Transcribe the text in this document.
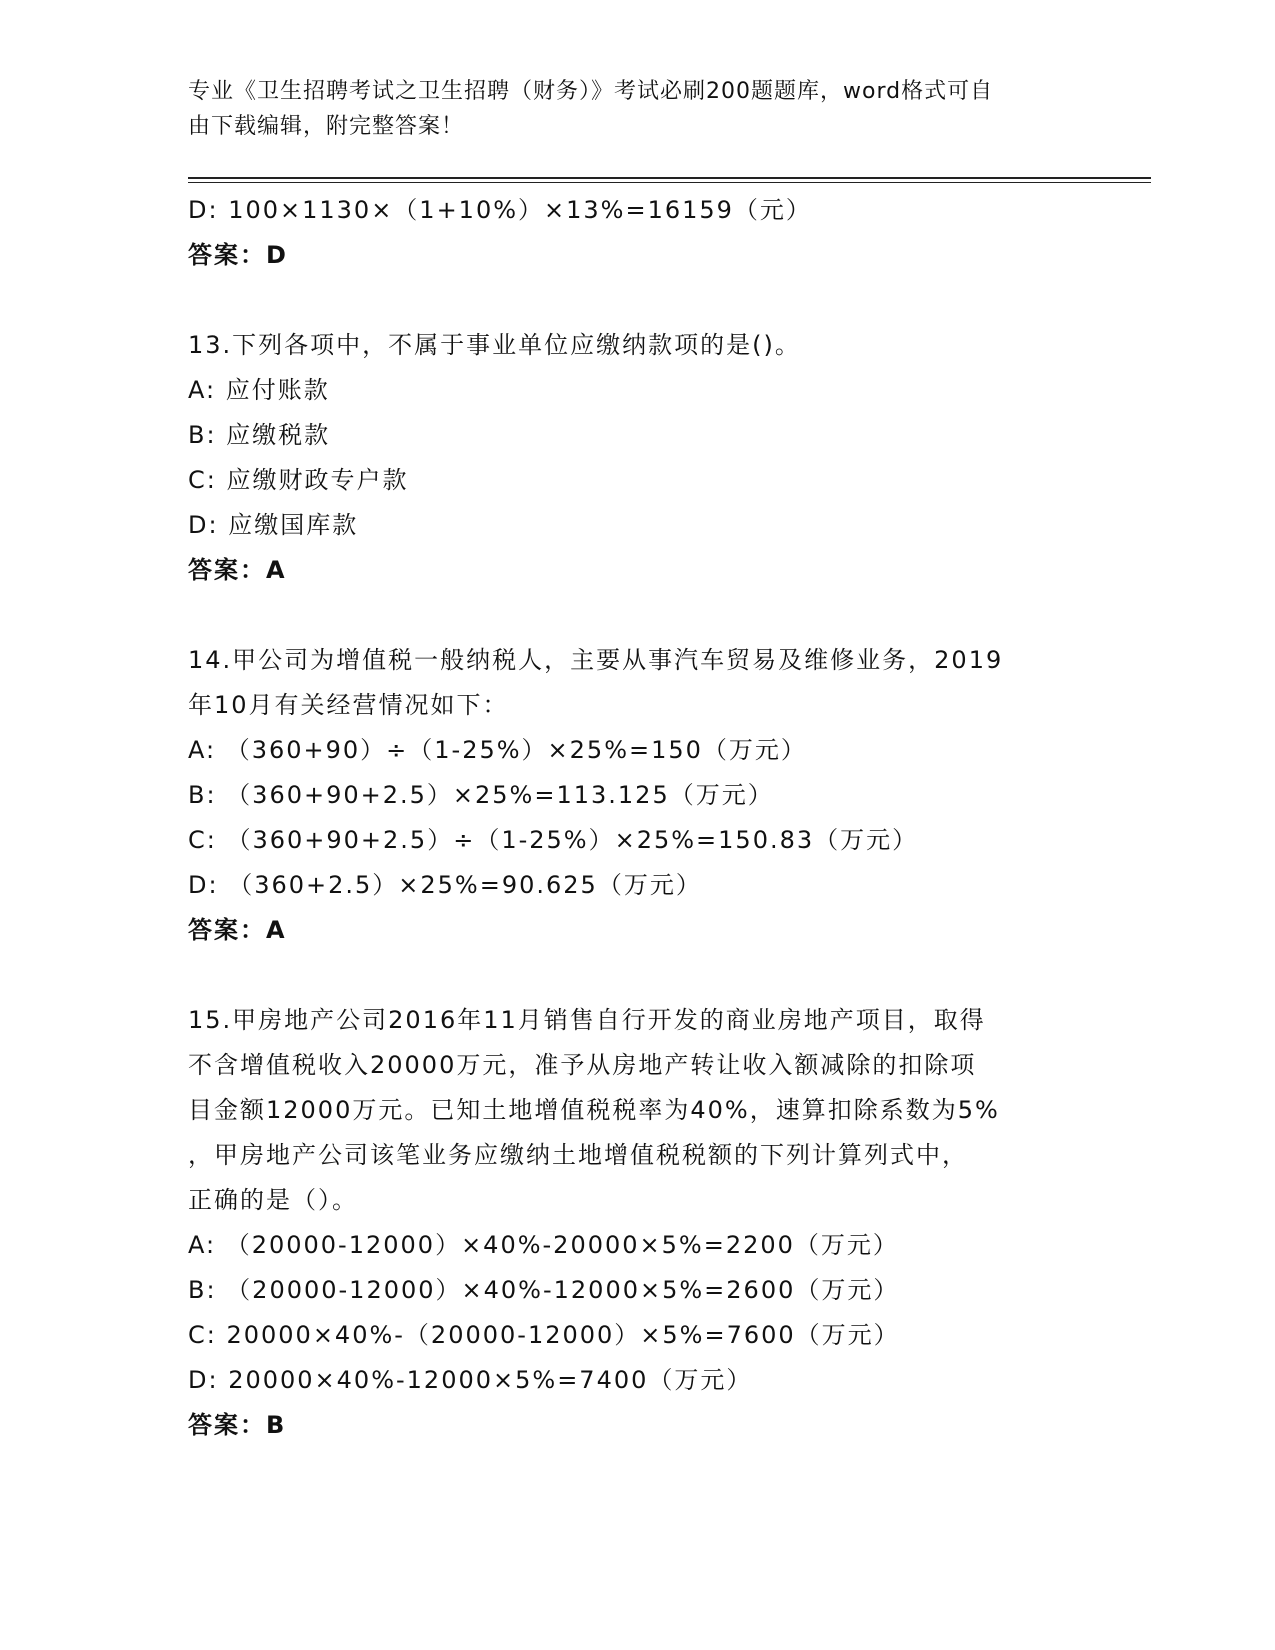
专业《卫生招聘考试之卫生招聘（财务）》考试必刷200题题库，word格式可自
由下载编辑，附完整答案！
D: 100×1130×（1+10%）×13%=16159（元）
答案：D
13.下列各项中，不属于事业单位应缴纳款项的是()。
A: 应付账款
B: 应缴税款
C: 应缴财政专户款
D: 应缴国库款
答案：A
14.甲公司为增值税一般纳税人，主要从事汽车贸易及维修业务，2019
年10月有关经营情况如下：
A: （360+90）÷（1-25%）×25%=150（万元）
B: （360+90+2.5）×25%=113.125（万元）
C: （360+90+2.5）÷（1-25%）×25%=150.83（万元）
D: （360+2.5）×25%=90.625（万元）
答案：A
15.甲房地产公司2016年11月销售自行开发的商业房地产项目，取得
不含增值税收入20000万元，准予从房地产转让收入额减除的扣除项
目金额12000万元。已知土地增值税税率为40%，速算扣除系数为5%
，甲房地产公司该笔业务应缴纳土地增值税税额的下列计算列式中，
正确的是（）。
A: （20000-12000）×40%-20000×5%=2200（万元）
B: （20000-12000）×40%-12000×5%=2600（万元）
C: 20000×40%-（20000-12000）×5%=7600（万元）
D: 20000×40%-12000×5%=7400（万元）
答案：B
